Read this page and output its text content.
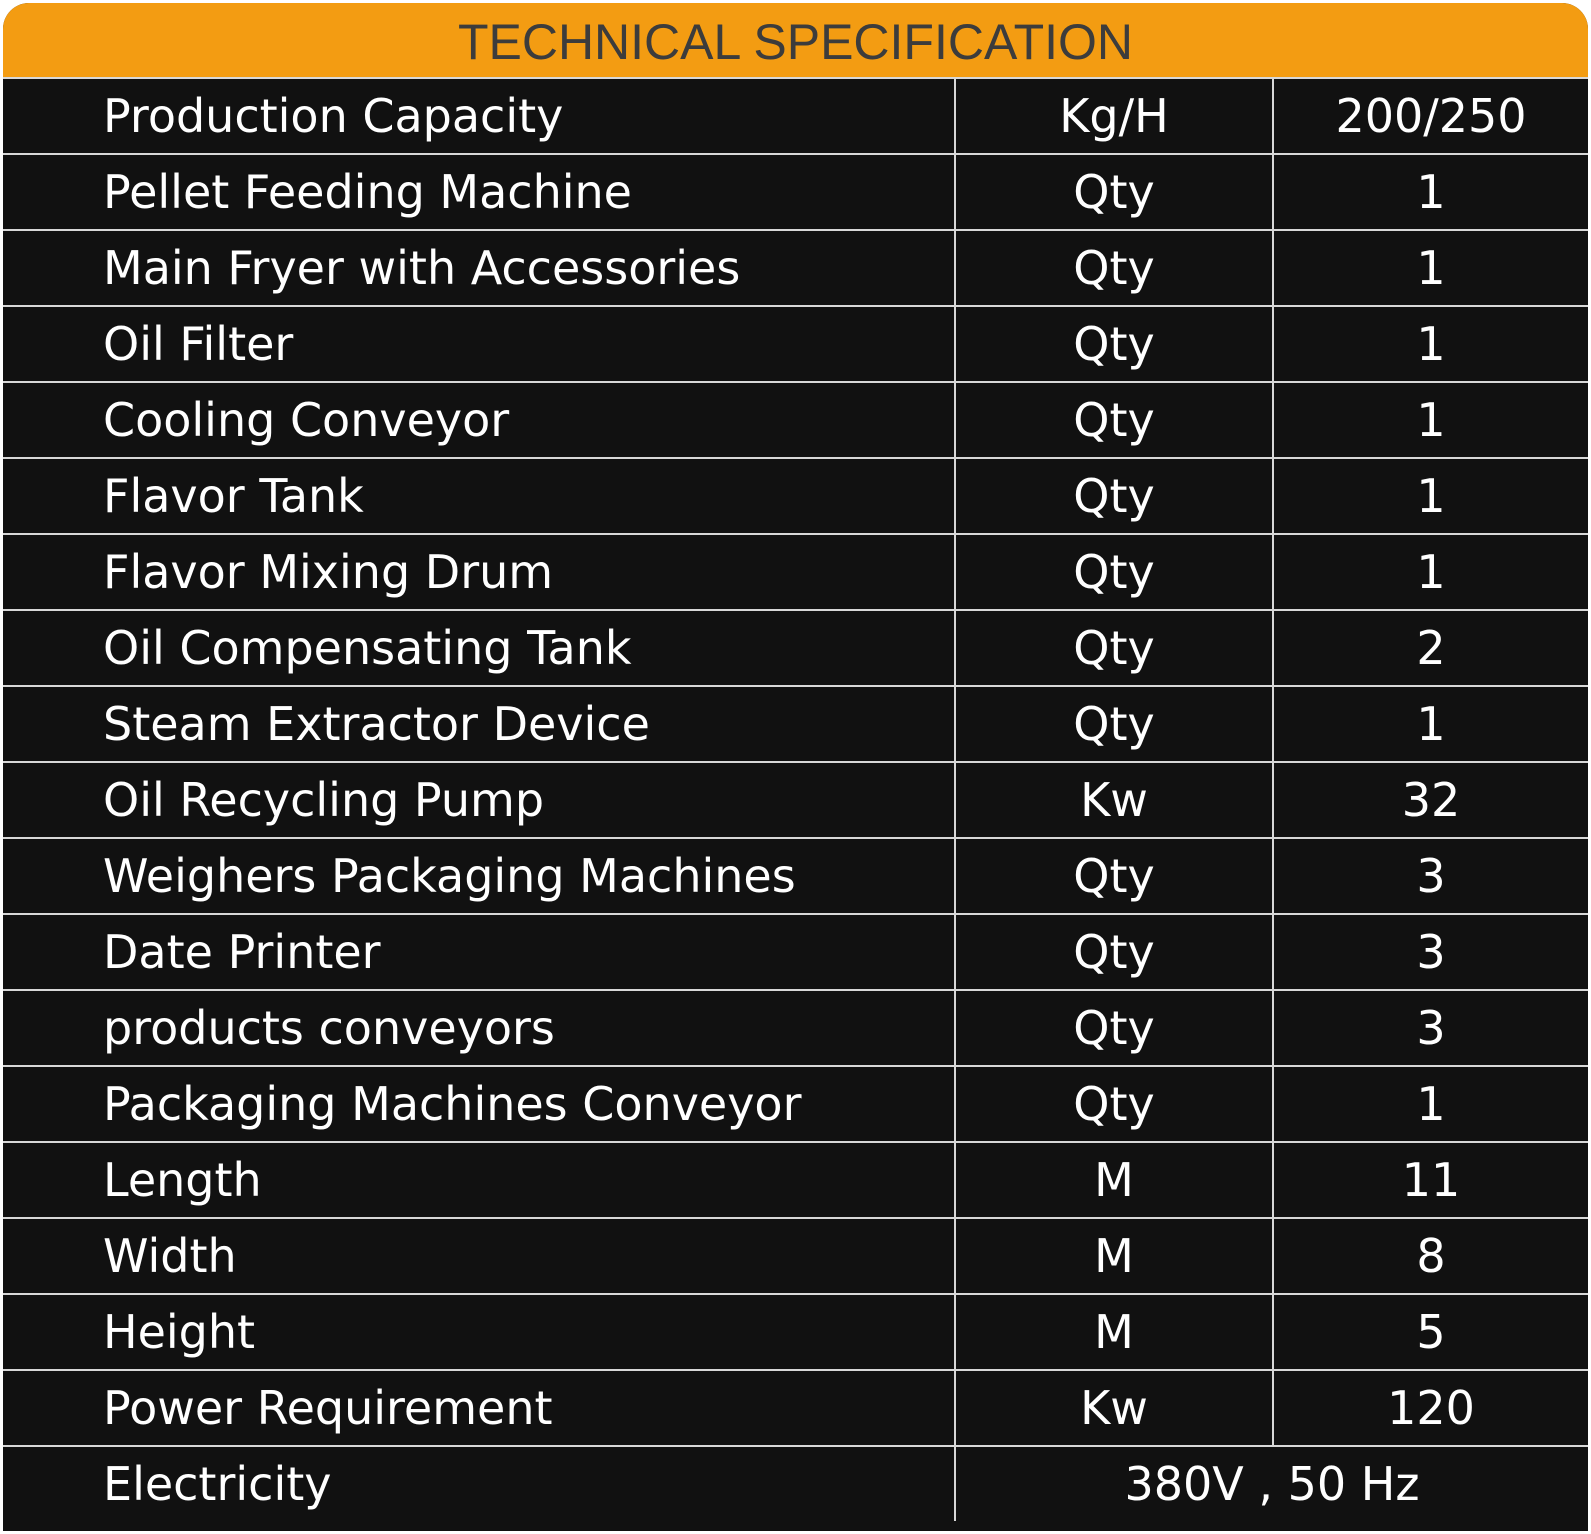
TECHNICAL SPECIFICATION
Production Capacity	Kg/H	200/250
Pellet Feeding Machine	Qty	1
Main Fryer with Accessories	Qty	1
Oil Filter	Qty	1
Cooling Conveyor	Qty	1
Flavor Tank	Qty	1
Flavor Mixing Drum	Qty	1
Oil Compensating Tank	Qty	2
Steam Extractor Device	Qty	1
Oil Recycling Pump	Kw	32
Weighers Packaging Machines	Qty	3
Date Printer	Qty	3
products conveyors	Qty	3
Packaging Machines Conveyor	Qty	1
Length	M	11
Width	M	8
Height	M	5
Power Requirement	Kw	120
Electricity	380V , 50 Hz	
